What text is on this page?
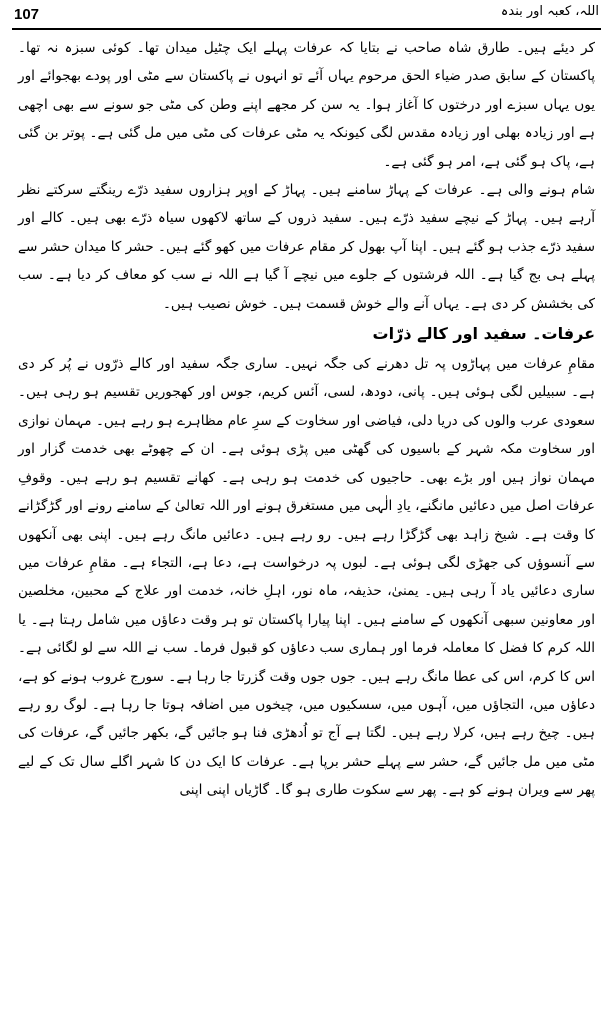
107	اللہ، کعبہ اور بندہ

کر دیئے ہیں۔ طارق شاہ صاحب نے بتایا کہ عرفات پہلے ایک چٹیل میدان تھا۔ کوئی سبزہ نہ تھا۔ پاکستان کے سابق صدر ضیاء الحق مرحوم یہاں آئے تو انہوں نے پاکستان سے مٹی اور پودے بھجوائے اور یوں یہاں سبزے اور درختوں کا آغاز ہوا۔ یہ سن کر مجھے اپنے وطن کی مٹی جو سونے سے بھی اچھی ہے اور زیادہ بھلی اور زیادہ مقدس لگی کیونکہ یہ مٹی عرفات کی مٹی میں مل گئی ہے۔ پوتر بن گئی ہے، پاک ہو گئی ہے، امر ہو گئی ہے۔

شام ہونے والی ہے۔ عرفات کے پہاڑ سامنے ہیں۔ پہاڑ کے اوپر ہزاروں سفید ذرّے رینگتے سرکتے نظر آرہے ہیں۔ پہاڑ کے نیچے سفید ذرّے ہیں۔ سفید ذروں کے ساتھ لاکھوں سیاہ ذرّے بھی ہیں۔ کالے اور سفید ذرّے جذب ہو گئے ہیں۔ اپنا آپ بھول کر مقام عرفات میں کھو گئے ہیں۔ حشر کا میدان حشر سے پہلے ہی بج گیا ہے۔ اللہ فرشتوں کے جلوے میں نیچے آ گیا ہے اللہ نے سب کو معاف کر دیا ہے۔ سب کی بخشش کر دی ہے۔ یہاں آنے والے خوش قسمت ہیں۔ خوش نصیب ہیں۔

عرفات۔ سفید اور کالے ذرّات

مقامِ عرفات میں پہاڑوں پہ تل دھرنے کی جگہ نہیں۔ ساری جگہ سفید اور کالے ذرّوں نے پُر کر دی ہے۔ سبیلیں لگی ہوئی ہیں۔ پانی، دودھ، لسی، آئس کریم، جوس اور کھجوریں تقسیم ہو رہی ہیں۔ سعودی عرب والوں کی دریا دلی، فیاضی اور سخاوت کے سرِ عام مظاہرے ہو رہے ہیں۔ مہمان نوازی اور سخاوت مکہ شہر کے باسیوں کی گھٹی میں پڑی ہوئی ہے۔ ان کے چھوٹے بھی خدمت گزار اور مہمان نواز ہیں اور بڑے بھی۔ حاجیوں کی خدمت ہو رہی ہے۔ کھانے تقسیم ہو رہے ہیں۔ وقوفِ عرفات اصل میں دعائیں مانگنے، یادِ الٰہی میں مستغرق ہونے اور اللہ تعالیٰ کے سامنے رونے اور گڑگڑانے کا وقت ہے۔ شیخ زاہد بھی گڑگڑا رہے ہیں۔ رو رہے ہیں۔ دعائیں مانگ رہے ہیں۔ اپنی بھی آنکھوں سے آنسوؤں کی جھڑی لگی ہوئی ہے۔ لبوں پہ درخواست ہے، دعا ہے، التجاء ہے۔ مقامِ عرفات میں ساری دعائیں یاد آ رہی ہیں۔ یمنیٰ، حذیفہ، ماہ نور، اہلِ خانہ، خدمت اور علاج کے محبین، مخلصین اور معاونین سبھی آنکھوں کے سامنے ہیں۔ اپنا پیارا پاکستان تو ہر وقت دعاؤں میں شامل رہتا ہے۔ یا اللہ کرم کا فضل کا معاملہ فرما اور ہماری سب دعاؤں کو قبول فرما۔ سب نے اللہ سے لو لگائی ہے۔ اس کا کرم، اس کی عطا مانگ رہے ہیں۔ جوں جوں وقت گزرتا جا رہا ہے۔ سورج غروب ہونے کو ہے، دعاؤں میں، التجاؤں میں، آہوں میں، سسکیوں میں، چیخوں میں اضافہ ہوتا جا رہا ہے۔ لوگ رو رہے ہیں۔ چیخ رہے ہیں، کرلا رہے ہیں۔ لگتا ہے آج تو اُدھڑی فنا ہو جائیں گے، بکھر جائیں گے، عرفات کی مٹی میں مل جائیں گے، حشر سے پہلے حشر برپا ہے۔ عرفات کا ایک دن کا شہر اگلے سال تک کے لیے پھر سے ویران ہونے کو ہے۔ پھر سے سکوت طاری ہو گا۔ گاڑیاں اپنی اپنی
